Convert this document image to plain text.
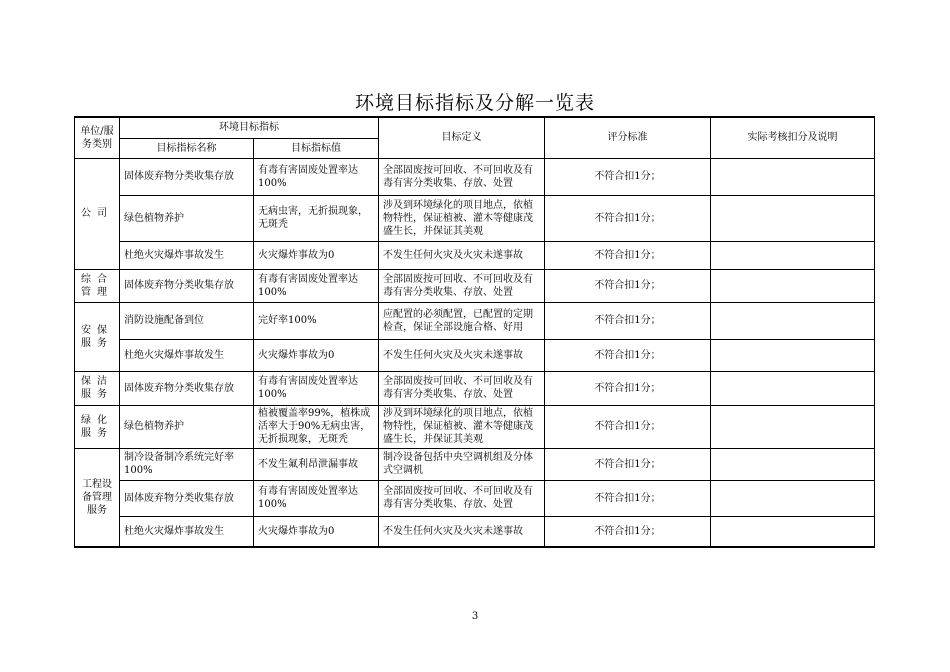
环境目标指标及分解一览表
单位/服务类别	环境目标指标		目标定义	评分标准	实际考核扣分及说明
	目标指标名称	目标指标值			

公司	固体废弃物分类收集存放	有毒有害固废处置率达100%	全部固废按可回收、不可回收及有毒有害分类收集、存放、处置	不符合扣1分；	
	绿色植物养护	无病虫害，无折损现象，无斑秃	涉及到环境绿化的项目地点，依植物特性，保证植被、灌木等健康茂盛生长，并保证其美观	不符合扣1分；	
	杜绝火灾爆炸事故发生	火灾爆炸事故为0	不发生任何火灾及火灾未遂事故	不符合扣1分；	
综合管理	固体废弃物分类收集存放	有毒有害固废处置率达100%	全部固废按可回收、不可回收及有毒有害分类收集、存放、处置	不符合扣1分；	
安保服务	消防设施配备到位	完好率100%	应配置的必须配置，已配置的定期检查，保证全部设施合格、好用	不符合扣1分；	
	杜绝火灾爆炸事故发生	火灾爆炸事故为0	不发生任何火灾及火灾未遂事故	不符合扣1分；	
保洁服务	固体废弃物分类收集存放	有毒有害固废处置率达100%	全部固废按可回收、不可回收及有毒有害分类收集、存放、处置	不符合扣1分；	
绿化服务	绿色植物养护	植被覆盖率99%，植株成活率大于90%无病虫害，无折损现象，无斑秃	涉及到环境绿化的项目地点，依植物特性，保证植被、灌木等健康茂盛生长，并保证其美观	不符合扣1分；	
工程设备管理服务	制冷设备制冷系统完好率100%	不发生氟利昂泄漏事故	制冷设备包括中央空调机组及分体式空调机	不符合扣1分；	
	固体废弃物分类收集存放	有毒有害固废处置率达100%	全部固废按可回收、不可回收及有毒有害分类收集、存放、处置	不符合扣1分；	
	杜绝火灾爆炸事故发生	火灾爆炸事故为0	不发生任何火灾及火灾未遂事故	不符合扣1分；	
3
